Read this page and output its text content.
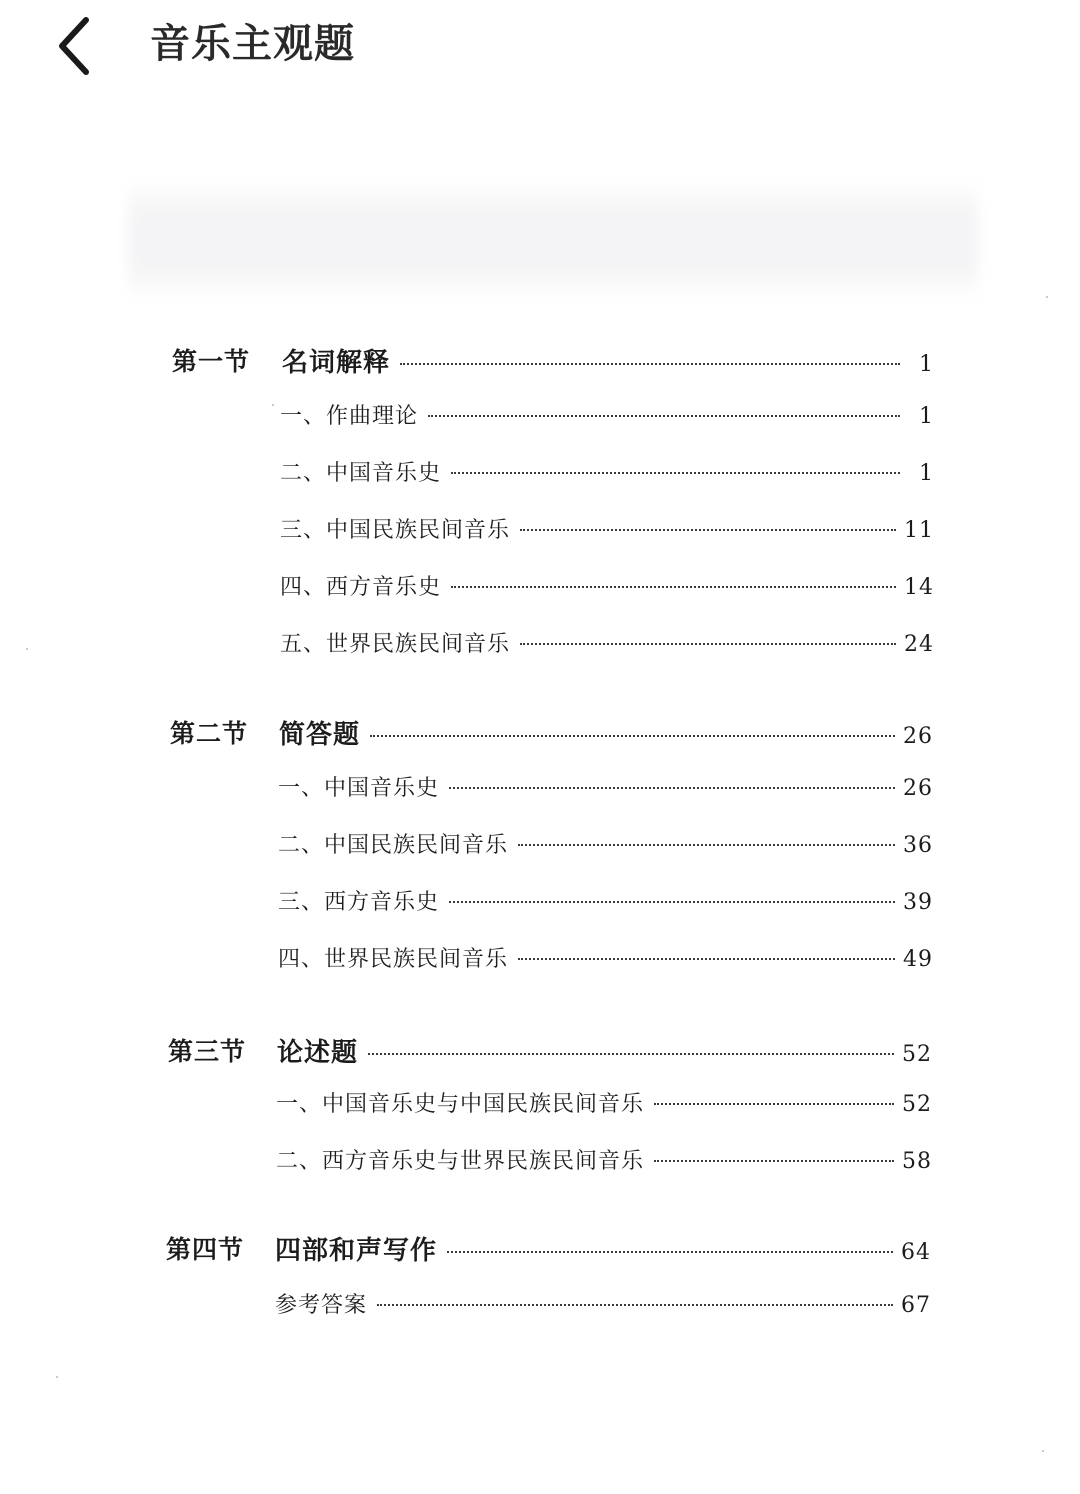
音乐主观题
第一节 名词解释	1
一、作曲理论	1
二、中国音乐史	1
三、中国民族民间音乐	11
四、西方音乐史	14
五、世界民族民间音乐	24
第二节 简答题	26
一、中国音乐史	26
二、中国民族民间音乐	36
三、西方音乐史	39
四、世界民族民间音乐	49
第三节 论述题	52
一、中国音乐史与中国民族民间音乐	52
二、西方音乐史与世界民族民间音乐	58
第四节 四部和声写作	64
参考答案	67
